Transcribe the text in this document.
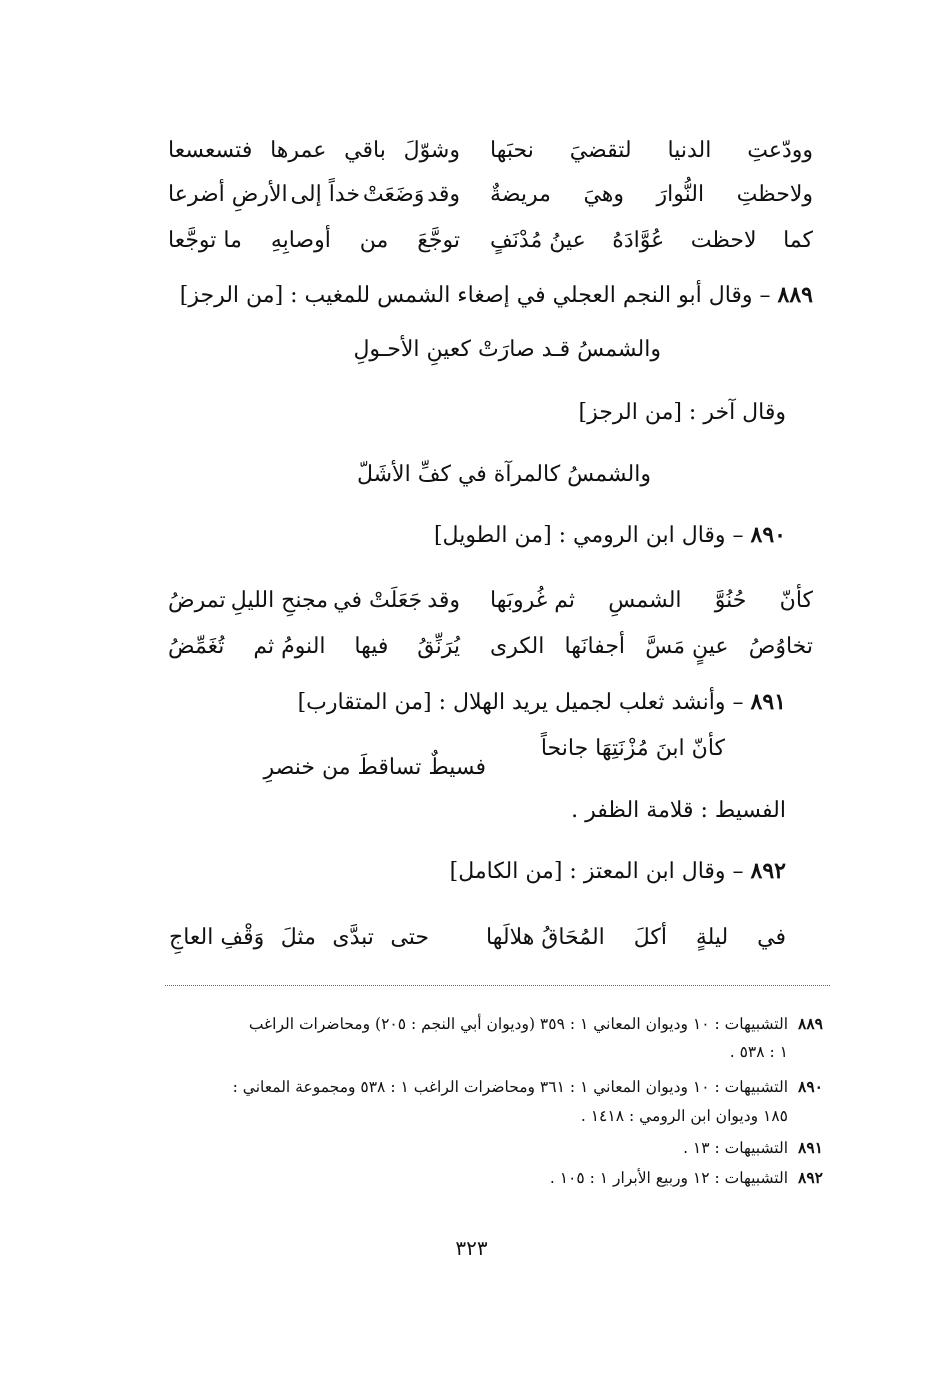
وودّعتِ
الدنيا
لتقضيَ
نحبَها
وشوّلَ
باقي
عمرها
فتسعسعا
ولاحظتِ
النُّوارَ
وهيَ
مريضةٌ
وقد
وَضَعَتْ
خداً إلى
الأرضِ أضرعا
كما
لاحظت
عُوَّادَهُ
عينُ مُدْنَفٍ
توجَّعَ
من
أوصابِهِ
ما توجَّعا
٨٨٩ – وقال أبو النجم العجلي في إصغاء الشمس للمغيب : [من الرجز]
والشمسُ قـد صارَتْ كعينِ الأحـولِ
وقال آخر : [من الرجز]
والشمسُ كالمرآة في كفِّ الأشَلّ
٨٩٠ – وقال ابن الرومي : [من الطويل]
كأنّ
حُنُوَّ
الشمسِ
ثم غُروبَها
وقد
جَعَلَتْ في
مجنحِ الليلِ
تمرضُ
تخاوُصُ
عينٍ مَسَّ
أجفانَها
الكرى
يُرَنِّقُ
فيها
النومُ ثم
تُغَمِّضُ
٨٩١ – وأنشد ثعلب لجميل يريد الهلال : [من المتقارب]
كأنّ ابنَ مُزْنَتِهَا جانحاً
فسيطٌ تساقطَ من خنصرِ
الفسيط : قلامة الظفر .
٨٩٢ – وقال ابن المعتز : [من الكامل]
في
ليلةٍ
أكلَ
المُحَاقُ هلالَها
حتى
تبدَّى
مثلَ
وَقْفِ العاجِ
٨٨٩التشبيهات : ١٠ وديوان المعاني ١ : ٣٥٩ (وديوان أبي النجم : ٢٠٥) ومحاضرات الراغب
١ : ٥٣٨ .
٨٩٠التشبيهات : ١٠ وديوان المعاني ١ : ٣٦١ ومحاضرات الراغب ١ : ٥٣٨ ومجموعة المعاني :
١٨٥ وديوان ابن الرومي : ١٤١٨ .
٨٩١التشبيهات : ١٣ .
٨٩٢التشبيهات : ١٢ وربيع الأبرار ١ : ١٠٥ .
٣٢٣
